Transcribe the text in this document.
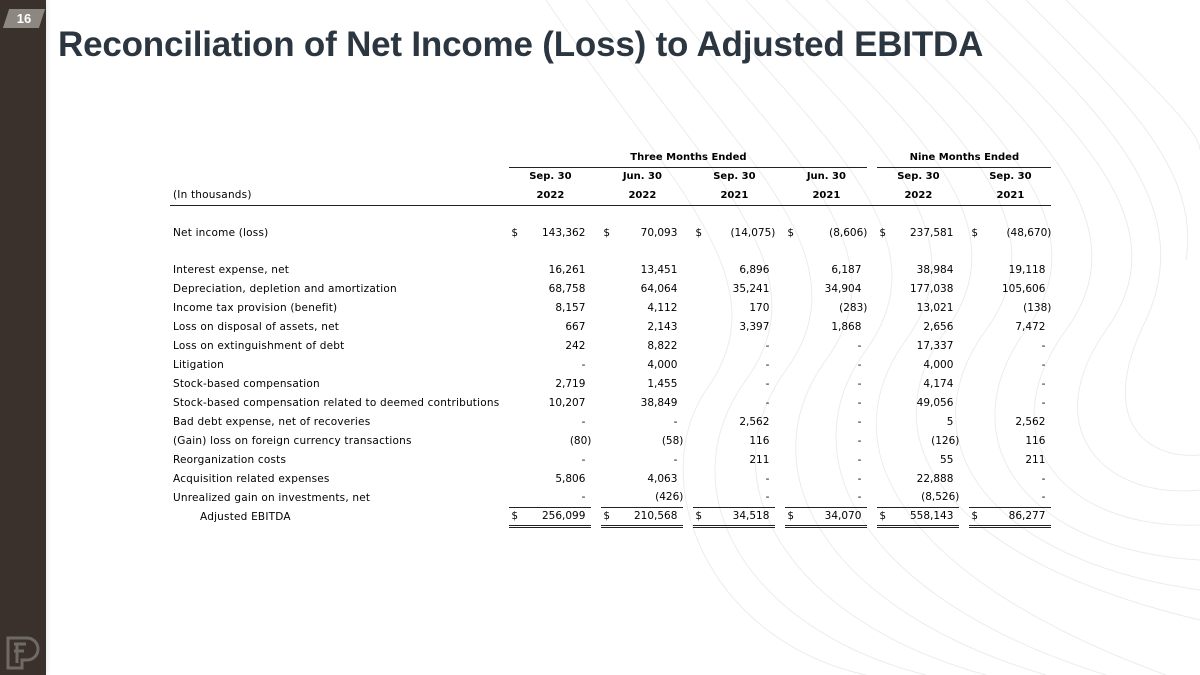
16
Reconciliation of Net Income (Loss) to Adjusted EBITDA
		Three Months Ended												Nine Months Ended				
		Sep. 30			Jun. 30			Sep. 30			Jun. 30			Sep. 30			Sep. 30	
(In thousands)		2022			2022			2021			2021			2022			2021	

Net income (loss)		$	143,362		$	70,093		$	(14,075)		$	(8,606)		$	237,581		$	(48,670)

Interest expense, net			16,261			13,451			6,896			6,187			38,984			19,118
Depreciation, depletion and amortization			68,758			64,064			35,241			34,904			177,038			105,606
Income tax provision (benefit)			8,157			4,112			170			(283)			13,021			(138)
Loss on disposal of assets, net			667			2,143			3,397			1,868			2,656			7,472
Loss on extinguishment of debt			242			8,822			-			-			17,337			-
Litigation			-			4,000			-			-			4,000			-
Stock-based compensation			2,719			1,455			-			-			4,174			-
Stock-based compensation related to deemed contributions			10,207			38,849			-			-			49,056			-
Bad debt expense, net of recoveries			-			-			2,562			-			5			2,562
(Gain) loss on foreign currency transactions			(80)			(58)			116			-			(126)			116
Reorganization costs			-			-			211			-			55			211
Acquisition related expenses			5,806			4,063			-			-			22,888			-
Unrealized gain on investments, net			-			(426)			-			-			(8,526)			-
Adjusted EBITDA		$	256,099		$	210,568		$	34,518		$	34,070		$	558,143		$	86,277
